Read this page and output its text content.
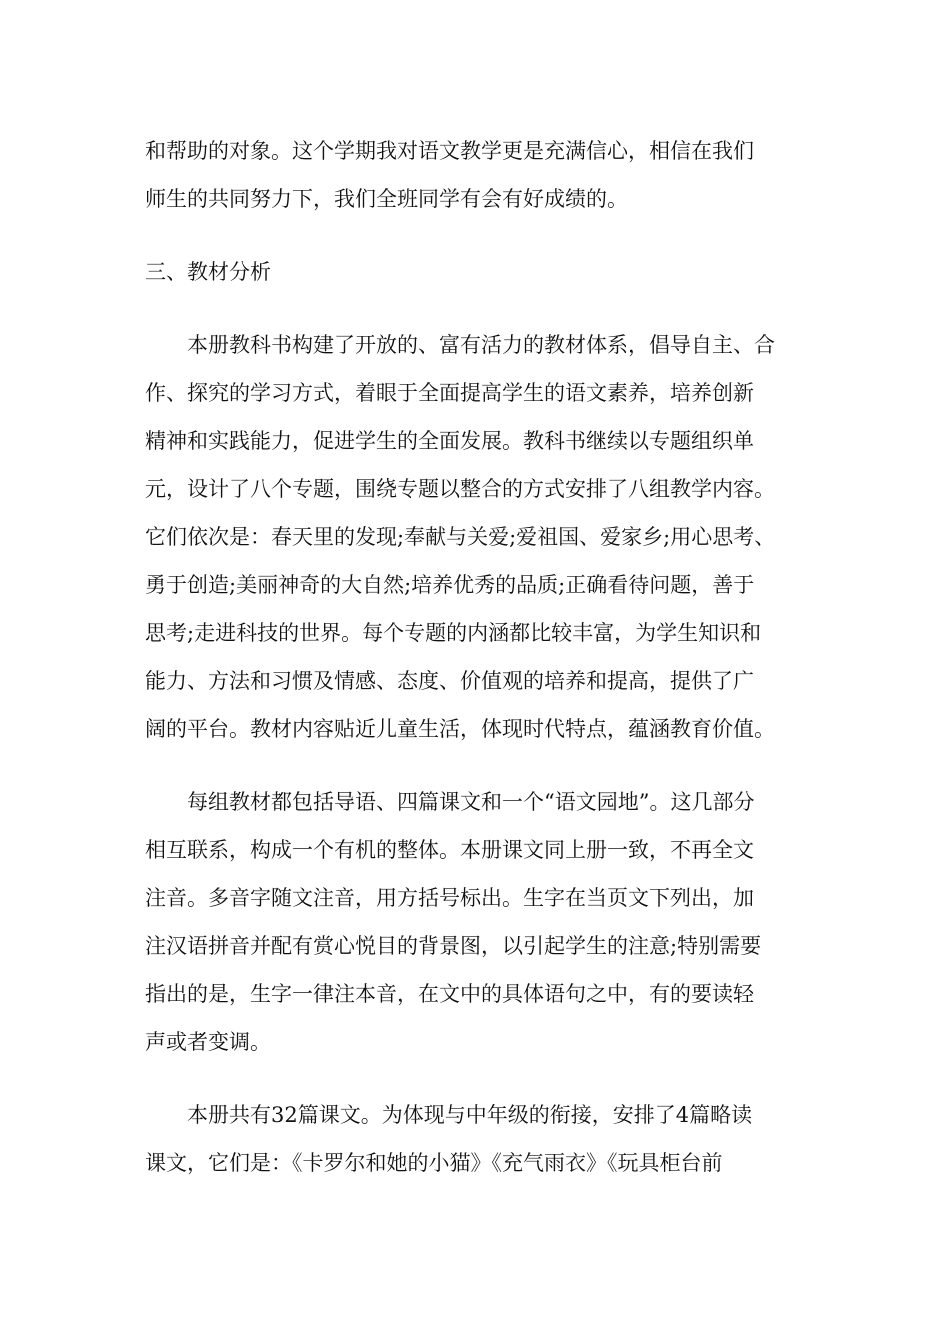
和帮助的对象。这个学期我对语文教学更是充满信心，相信在我们
师生的共同努力下，我们全班同学有会有好成绩的。
三、教材分析
　　本册教科书构建了开放的、富有活力的教材体系，倡导自主、合
作、探究的学习方式，着眼于全面提高学生的语文素养，培养创新
精神和实践能力，促进学生的全面发展。教科书继续以专题组织单
元，设计了八个专题，围绕专题以整合的方式安排了八组教学内容。
它们依次是：春天里的发现;奉献与关爱;爱祖国、爱家乡;用心思考、
勇于创造;美丽神奇的大自然;培养优秀的品质;正确看待问题，善于
思考;走进科技的世界。每个专题的内涵都比较丰富，为学生知识和
能力、方法和习惯及情感、态度、价值观的培养和提高，提供了广
阔的平台。教材内容贴近儿童生活，体现时代特点，蕴涵教育价值。
　　每组教材都包括导语、四篇课文和一个“语文园地”。这几部分
相互联系，构成一个有机的整体。本册课文同上册一致，不再全文
注音。多音字随文注音，用方括号标出。生字在当页文下列出，加
注汉语拼音并配有赏心悦目的背景图，以引起学生的注意;特别需要
指出的是，生字一律注本音，在文中的具体语句之中，有的要读轻
声或者变调。
　　本册共有32篇课文。为体现与中年级的衔接，安排了4篇略读
课文，它们是：《卡罗尔和她的小猫》《充气雨衣》《玩具柜台前
